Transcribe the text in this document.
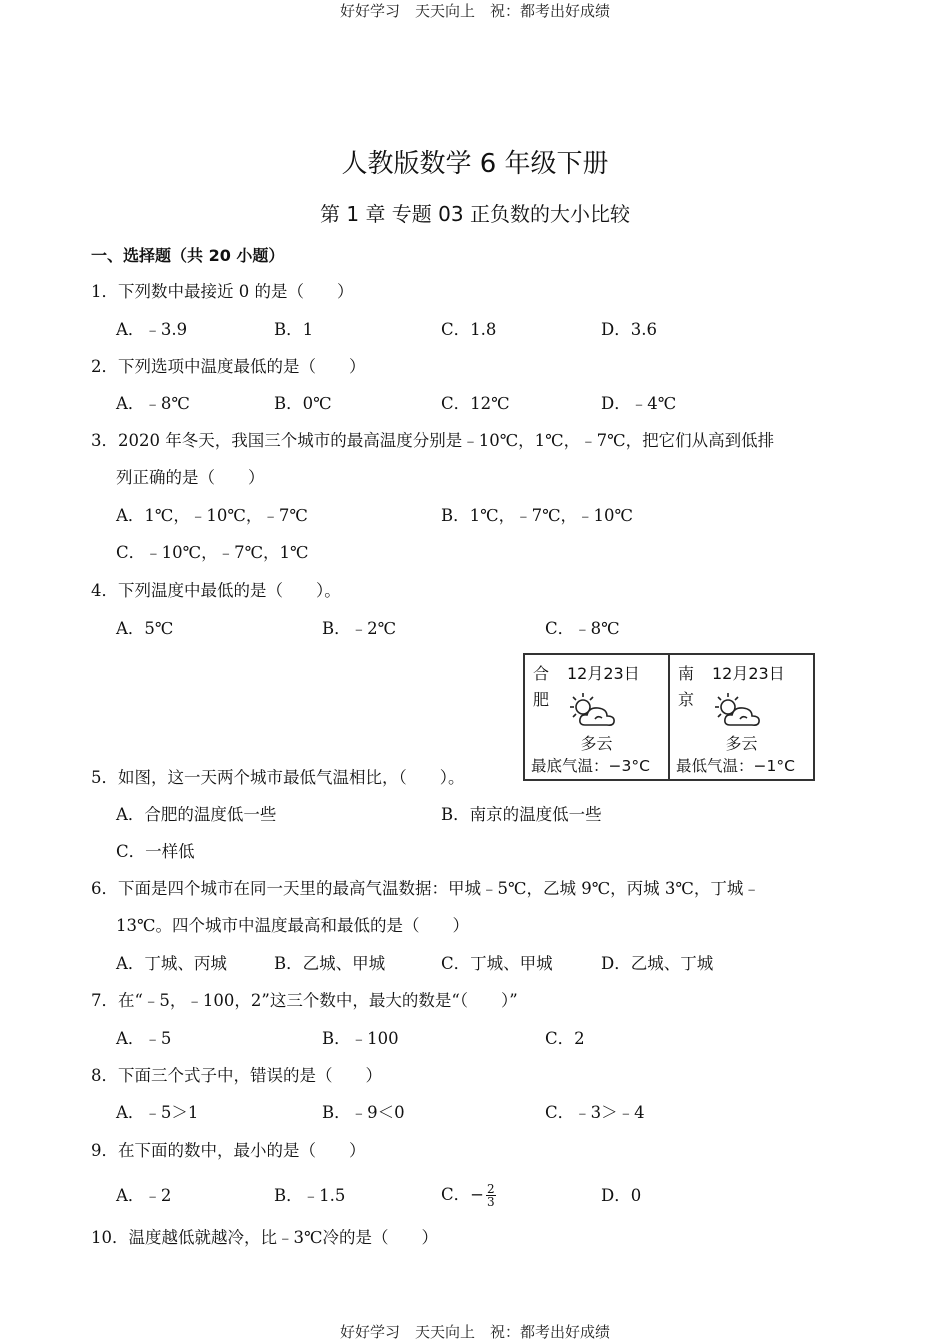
好好学习　天天向上　祝：都考出好成绩
人教版数学 6 年级下册
第 1 章 专题 03 正负数的大小比较
一、选择题（共 20 小题）
1．下列数中最接近 0 的是（　　）
A．﹣3.9	B．1	C．1.8	D．3.6
2．下列选项中温度最低的是（　　）
A．﹣8℃	B．0℃	C．12℃	D．﹣4℃
3．2020 年冬天，我国三个城市的最高温度分别是﹣10℃，1℃，﹣7℃，把它们从高到低排
列正确的是（　　）
A．1℃，﹣10℃，﹣7℃	B．1℃，﹣7℃，﹣10℃
C．﹣10℃，﹣7℃，1℃
4．下列温度中最低的是（　　）。
A．5℃	B．﹣2℃	C．﹣8℃
合
肥
12月23日
多云
最底气温：−3°C
南
京
12月23日
多云
最低气温：−1°C
5．如图，这一天两个城市最低气温相比，（　　）。
A．合肥的温度低一些	B．南京的温度低一些
C．一样低
6．下面是四个城市在同一天里的最高气温数据：甲城﹣5℃，乙城 9℃，丙城 3℃，丁城﹣
13℃。四个城市中温度最高和最低的是（　　）
A．丁城、丙城	B．乙城、甲城	C．丁城、甲城	D．乙城、丁城
7．在“﹣5，﹣100，2”这三个数中，最大的数是“（　　）”
A．﹣5	B．﹣100	C．2
8．下面三个式子中，错误的是（　　）
A．﹣5＞1	B．﹣9＜0	C．﹣3＞﹣4
9．在下面的数中，最小的是（　　）
A．﹣2	B．﹣1.5	C．− $\frac{2}{3}$	D．0
10．温度越低就越冷，比﹣3℃冷的是（　　）
好好学习　天天向上　祝：都考出好成绩
